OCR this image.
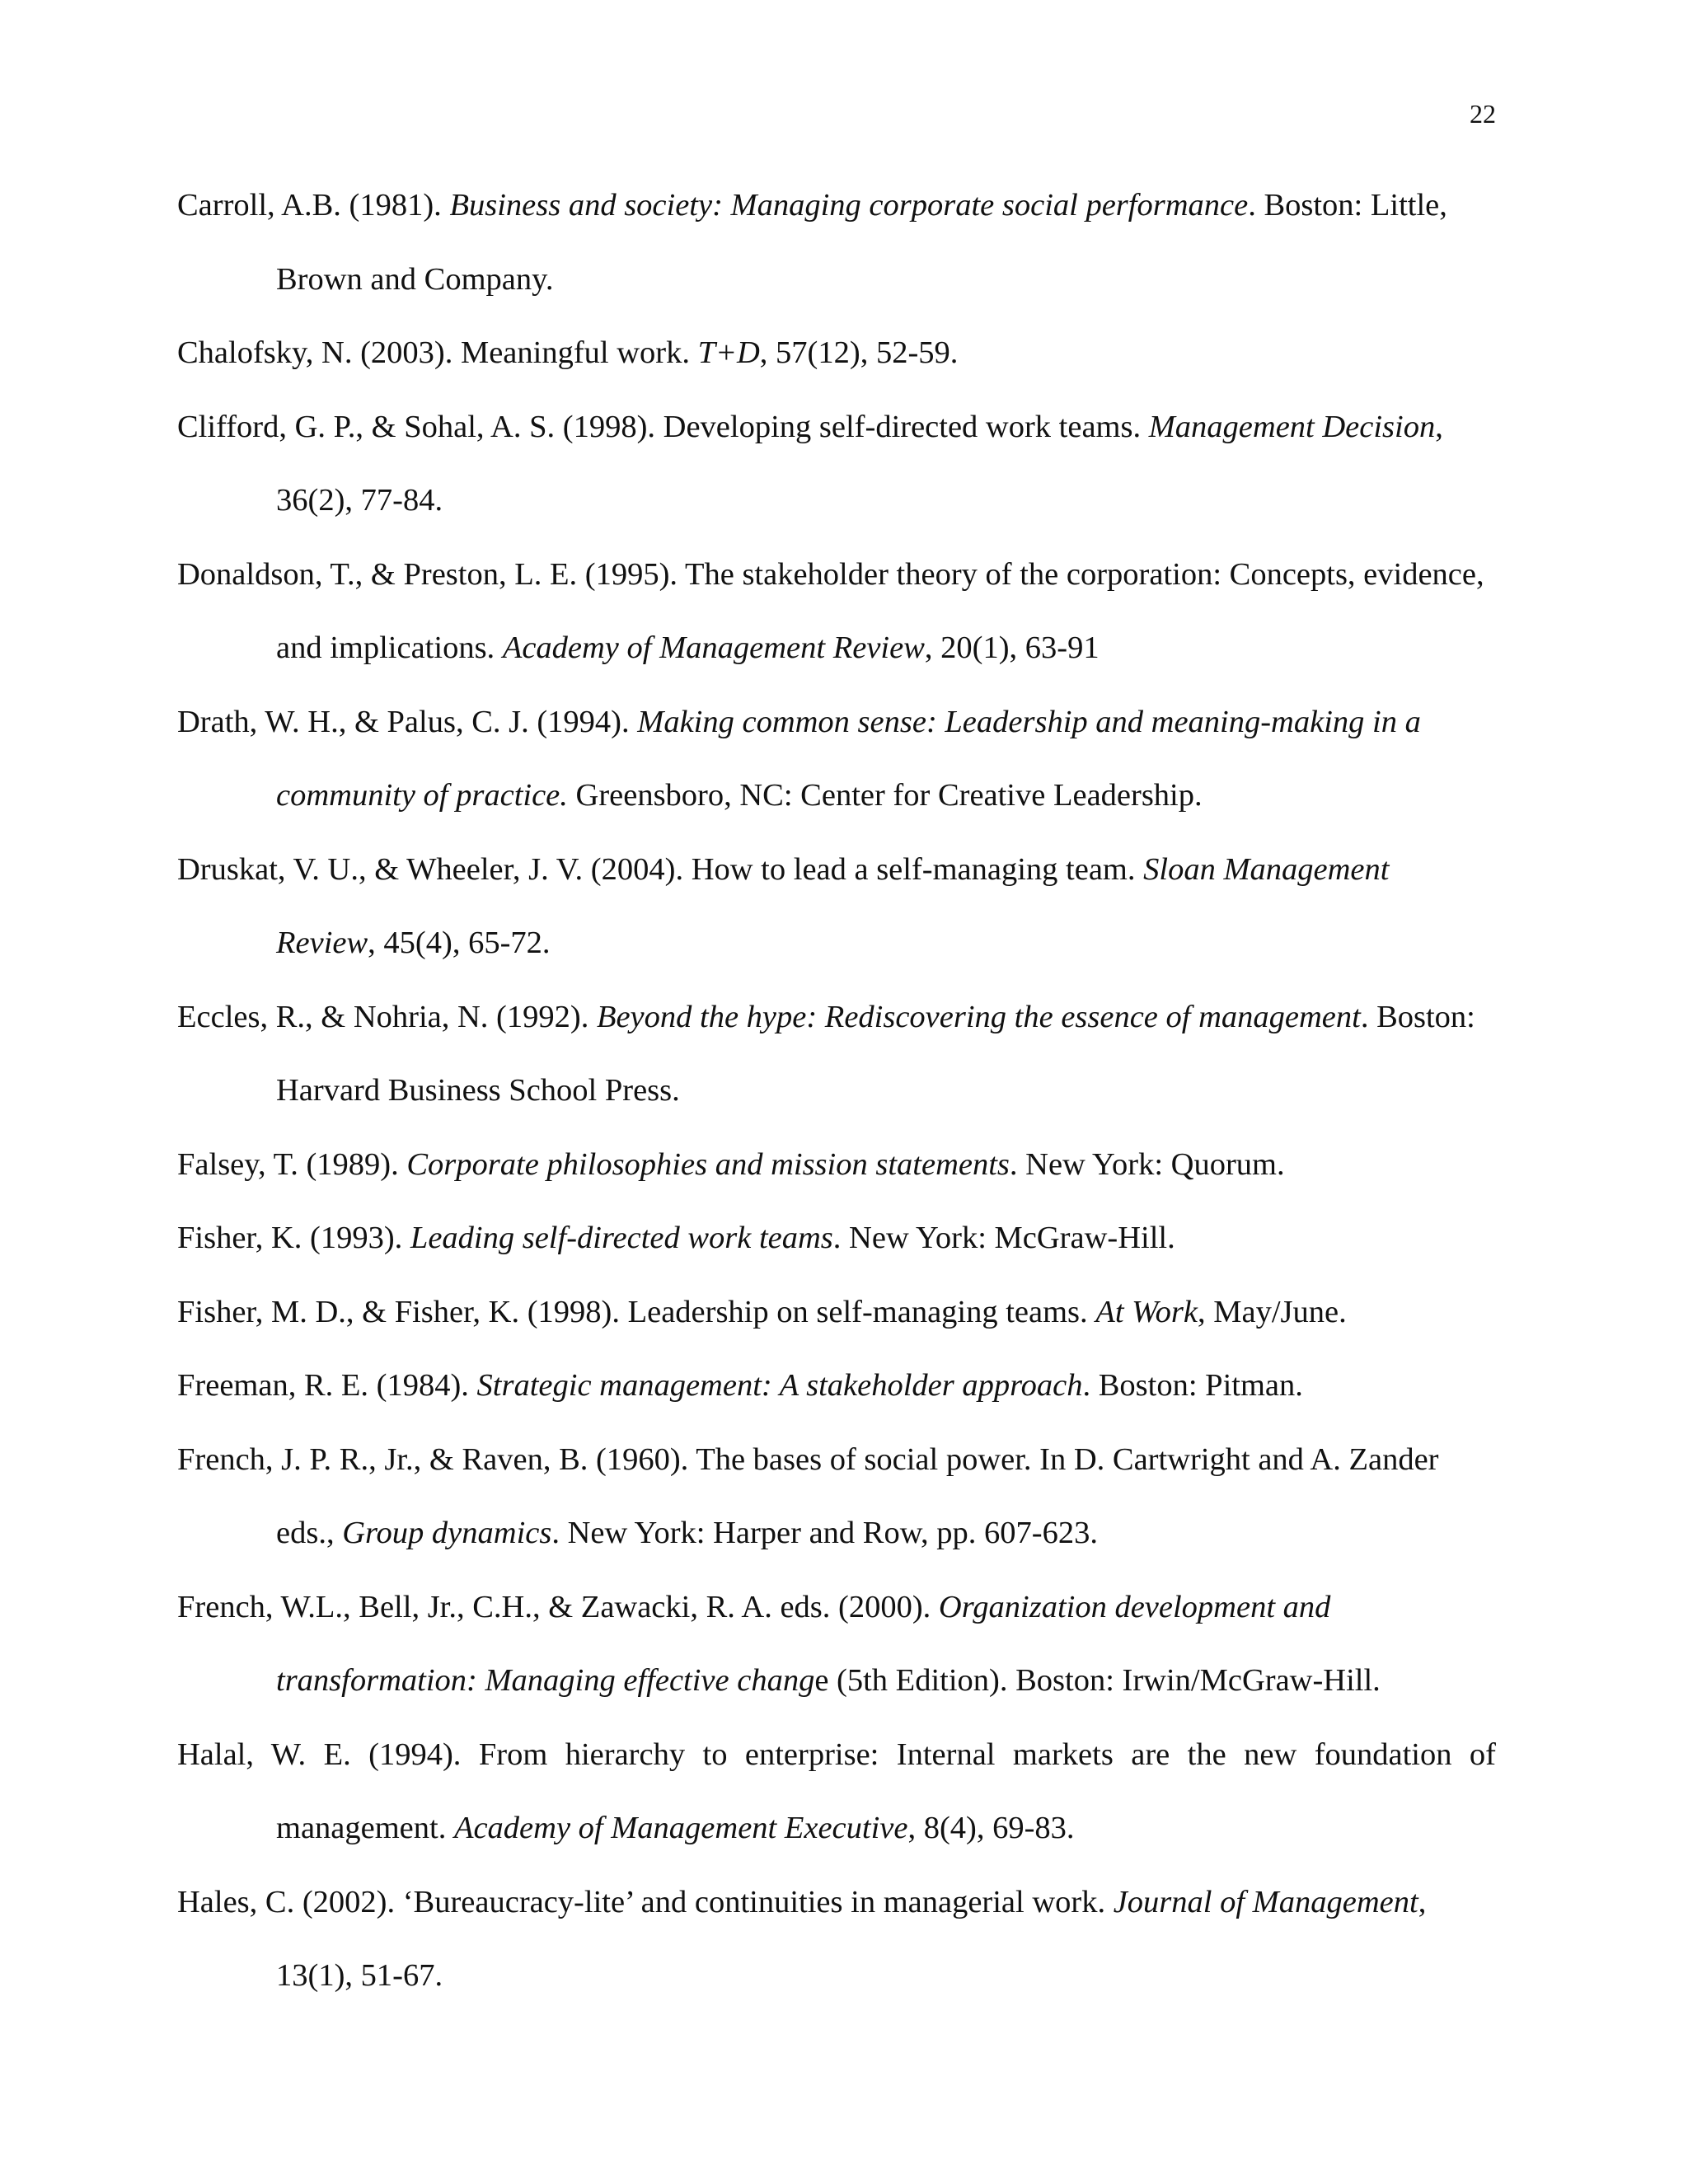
22

Carroll, A.B. (1981). Business and society: Managing corporate social performance. Boston: Little, Brown and Company.

Chalofsky, N. (2003). Meaningful work. T+D, 57(12), 52-59.

Clifford, G. P., & Sohal, A. S. (1998). Developing self-directed work teams. Management Decision, 36(2), 77-84.

Donaldson, T., & Preston, L. E. (1995). The stakeholder theory of the corporation: Concepts, evidence, and implications. Academy of Management Review, 20(1), 63-91

Drath, W. H., & Palus, C. J. (1994). Making common sense: Leadership and meaning-making in a community of practice. Greensboro, NC: Center for Creative Leadership.

Druskat, V. U., & Wheeler, J. V. (2004). How to lead a self-managing team. Sloan Management Review, 45(4), 65-72.

Eccles, R., & Nohria, N. (1992). Beyond the hype: Rediscovering the essence of management. Boston: Harvard Business School Press.

Falsey, T. (1989). Corporate philosophies and mission statements. New York: Quorum.

Fisher, K. (1993). Leading self-directed work teams. New York: McGraw-Hill.

Fisher, M. D., & Fisher, K. (1998). Leadership on self-managing teams. At Work, May/June.

Freeman, R. E. (1984). Strategic management: A stakeholder approach. Boston: Pitman.

French, J. P. R., Jr., & Raven, B. (1960). The bases of social power. In D. Cartwright and A. Zander eds., Group dynamics. New York: Harper and Row, pp. 607-623.

French, W.L., Bell, Jr., C.H., & Zawacki, R. A. eds. (2000). Organization development and transformation: Managing effective change (5th Edition). Boston: Irwin/McGraw-Hill.

Halal, W. E. (1994). From hierarchy to enterprise: Internal markets are the new foundation of management. Academy of Management Executive, 8(4), 69-83.

Hales, C. (2002). ‘Bureaucracy-lite’ and continuities in managerial work. Journal of Management, 13(1), 51-67.
